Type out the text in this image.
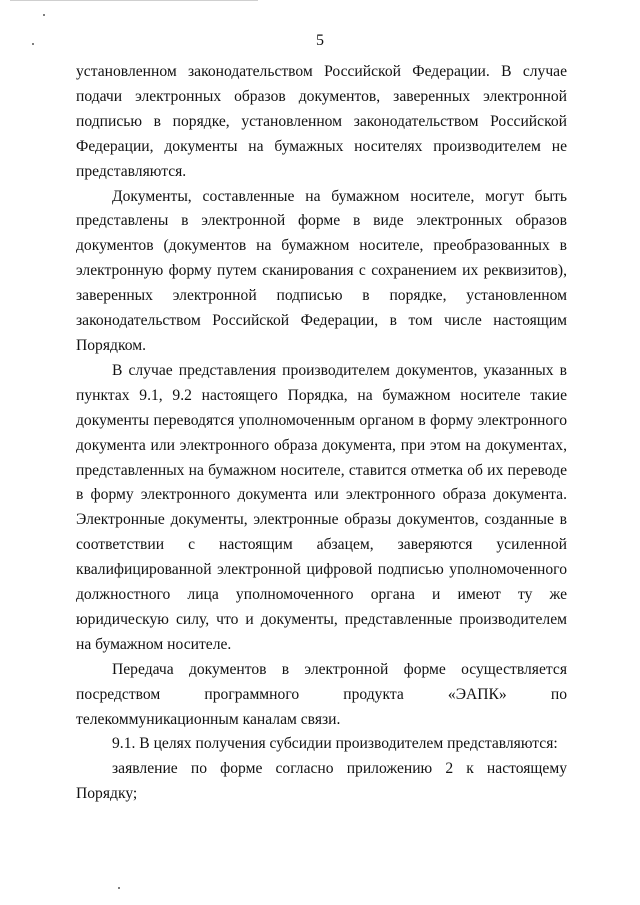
5

установленном законодательством Российской Федерации. В случае подачи электронных образов документов, заверенных электронной подписью в порядке, установленном законодательством Российской Федерации, документы на бумажных носителях производителем не представляются.

Документы, составленные на бумажном носителе, могут быть представлены в электронной форме в виде электронных образов документов (документов на бумажном носителе, преобразованных в электронную форму путем сканирования с сохранением их реквизитов), заверенных электронной подписью в порядке, установленном законодательством Российской Федерации, в том числе настоящим Порядком.

В случае представления производителем документов, указанных в пунктах 9.1, 9.2 настоящего Порядка, на бумажном носителе такие документы переводятся уполномоченным органом в форму электронного документа или электронного образа документа, при этом на документах, представленных на бумажном носителе, ставится отметка об их переводе в форму электронного документа или электронного образа документа. Электронные документы, электронные образы документов, созданные в соответствии с настоящим абзацем, заверяются усиленной квалифицированной электронной цифровой подписью уполномоченного должностного лица уполномоченного органа и имеют ту же юридическую силу, что и документы, представленные производителем на бумажном носителе.

Передача документов в электронной форме осуществляется посредством программного продукта «ЭАПК» по телекоммуникационным каналам связи.

9.1. В целях получения субсидии производителем представляются:

заявление по форме согласно приложению 2 к настоящему Порядку;
